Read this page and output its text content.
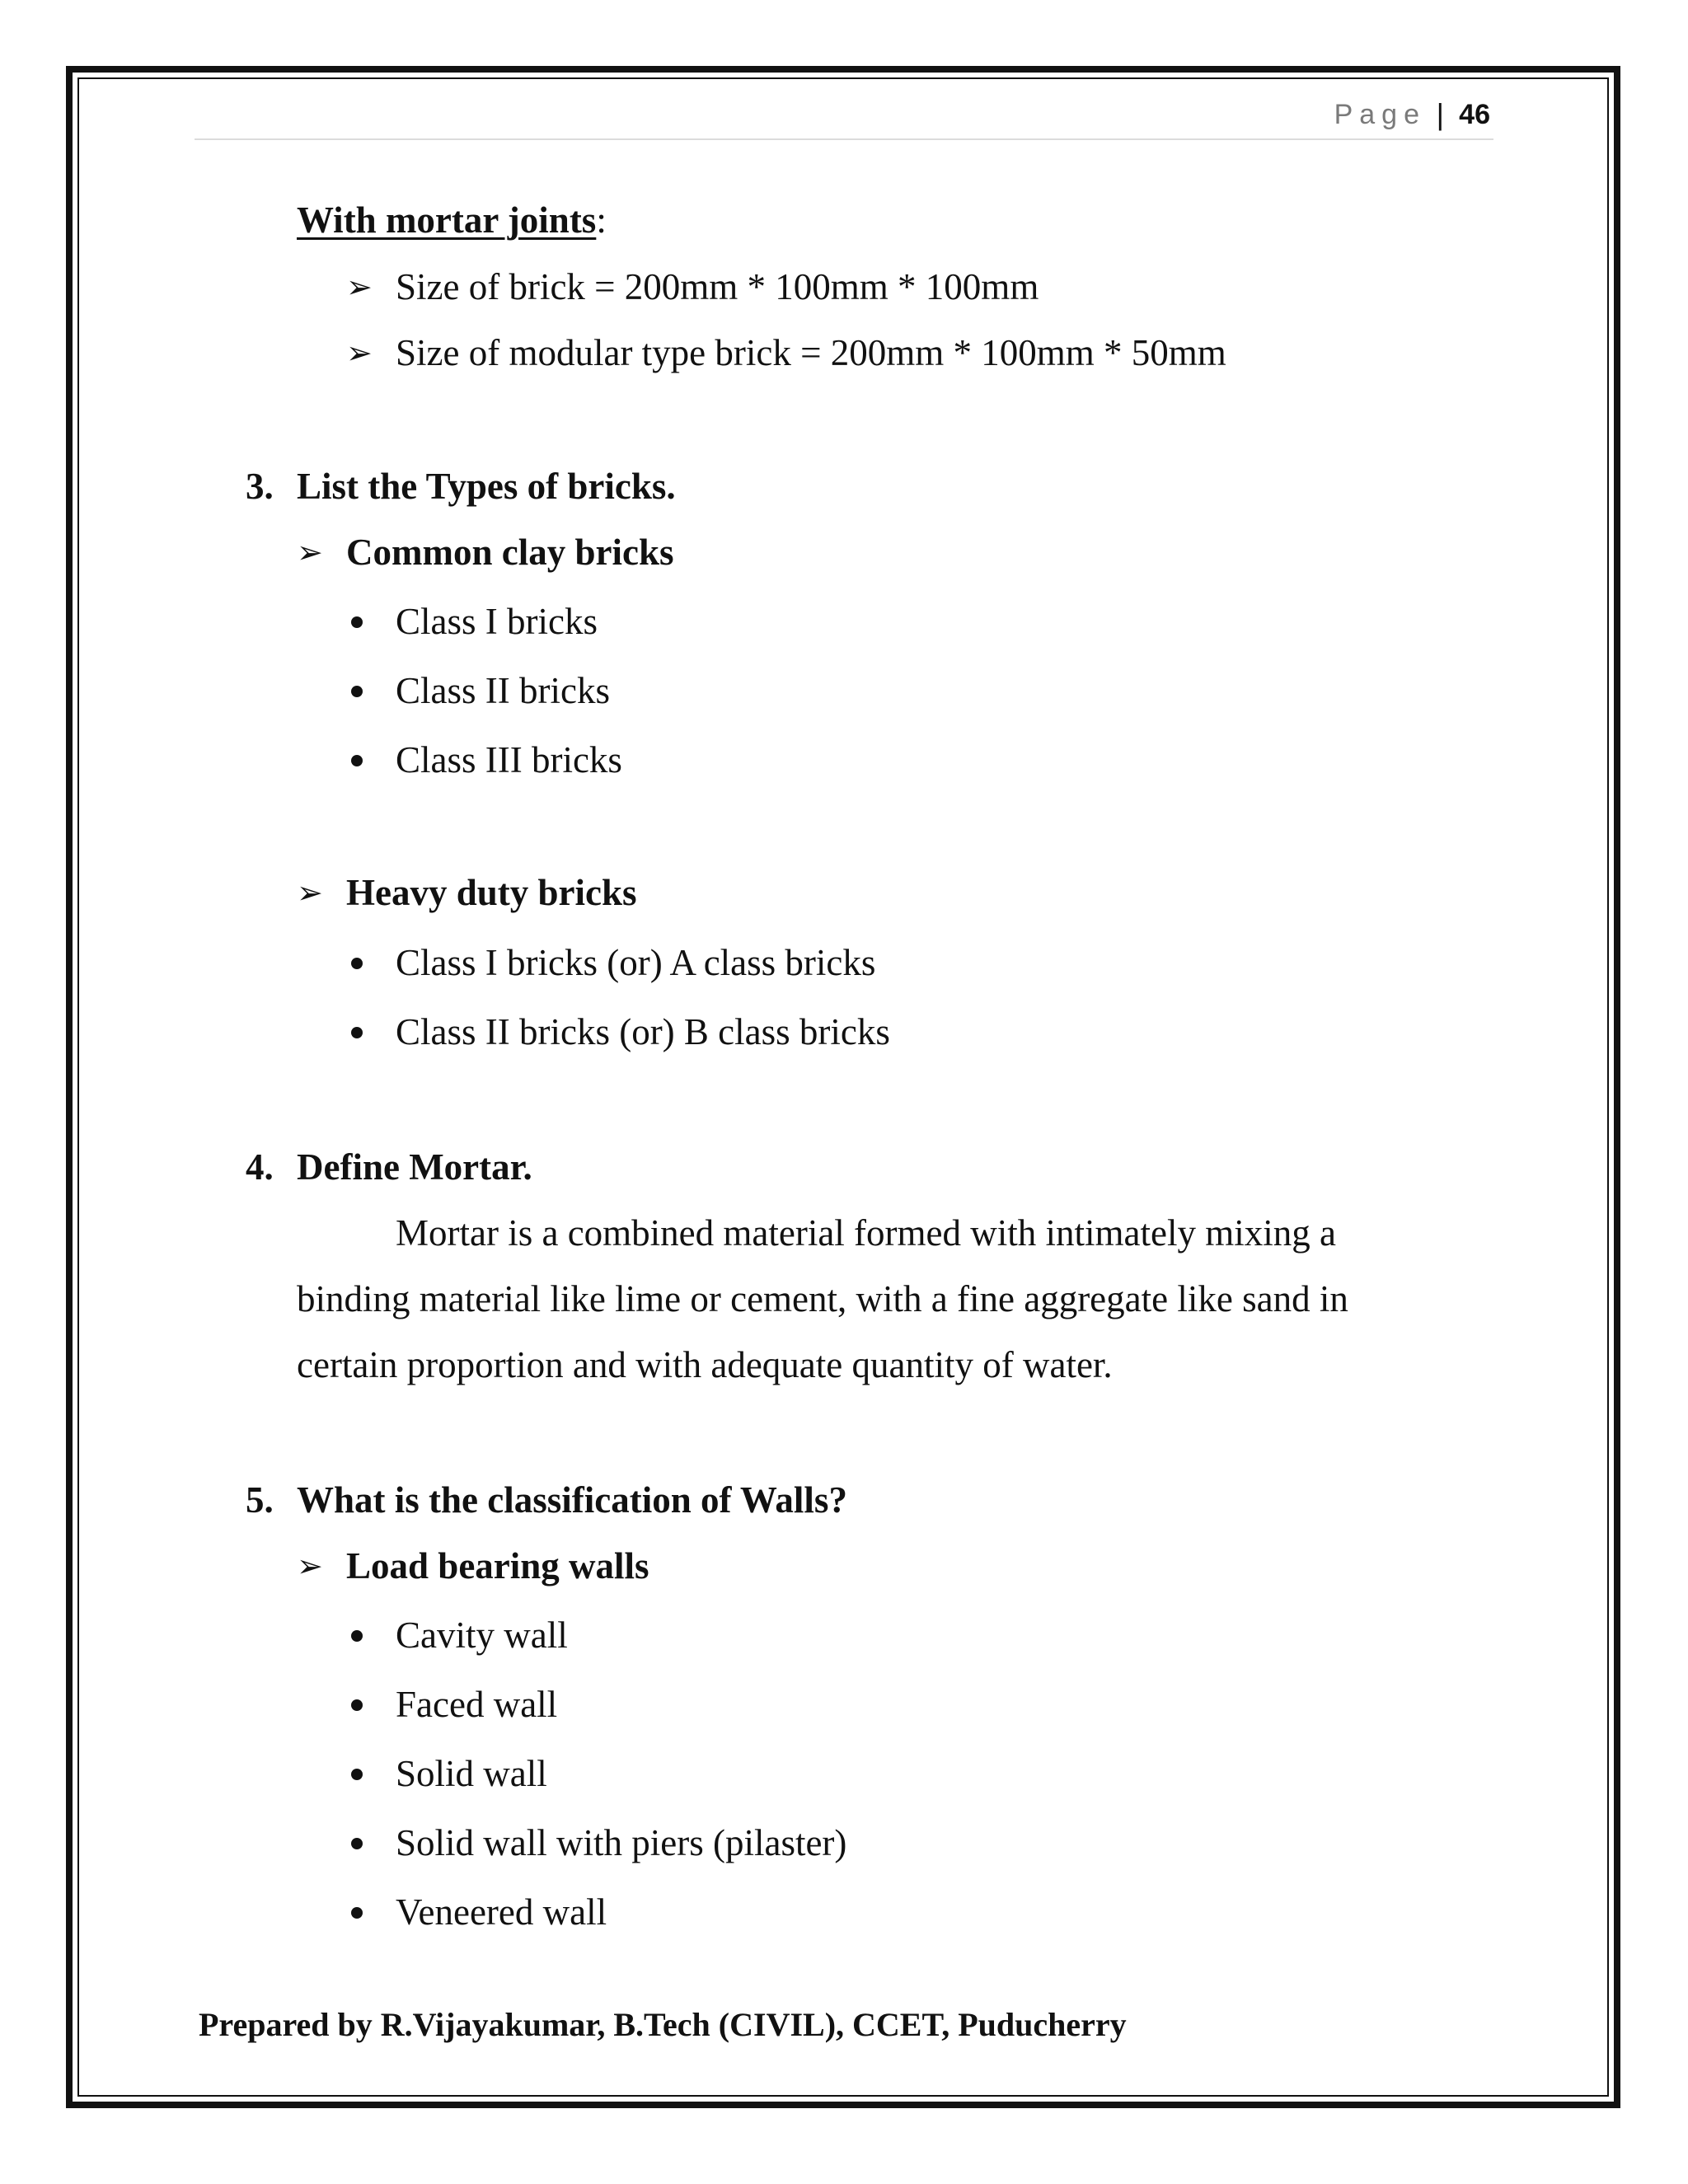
Page | 46
With mortar joints:
➢ Size of brick = 200mm * 100mm * 100mm
➢ Size of modular type brick = 200mm * 100mm * 50mm
3. List the Types of bricks.
➢ Common clay bricks
Class I bricks
Class II bricks
Class III bricks
➢ Heavy duty bricks
Class I bricks (or) A class bricks
Class II bricks (or) B class bricks
4. Define Mortar.
Mortar is a combined material formed with intimately mixing a
binding material like lime or cement, with a fine aggregate like sand in
certain proportion and with adequate quantity of water.
5. What is the classification of Walls?
➢ Load bearing walls
Cavity wall
Faced wall
Solid wall
Solid wall with piers (pilaster)
Veneered wall
Prepared by R.Vijayakumar, B.Tech (CIVIL), CCET, Puducherry
